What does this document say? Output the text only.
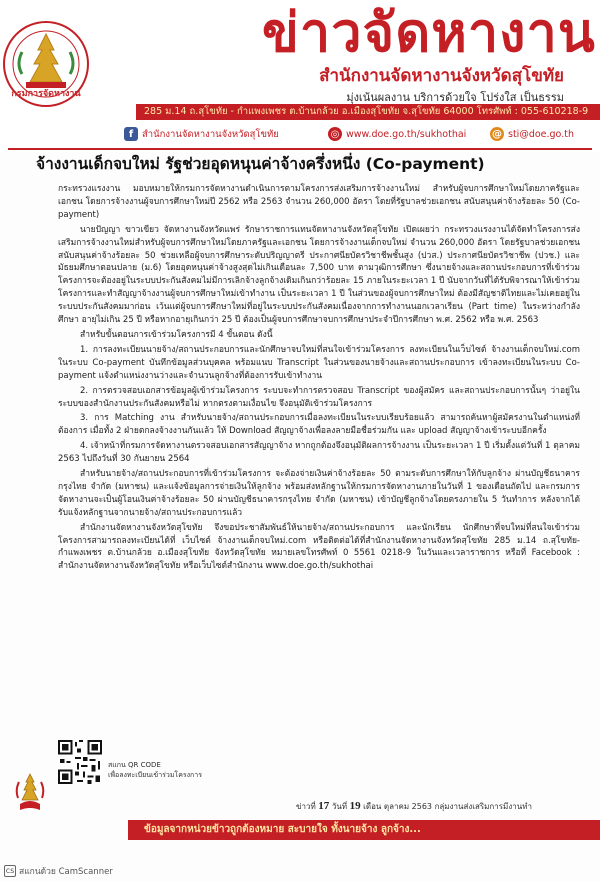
กรมการจัดหางาน
ข่าวจัดหางาน
สำนักงานจัดหางานจังหวัดสุโขทัย
มุ่งเน้นผลงาน บริการด้วยใจ โปร่งใส เป็นธรรม
285 ม.14 ถ.สุโขทัย - กำแพงเพชร ต.บ้านกล้วย อ.เมืองสุโขทัย จ.สุโขทัย 64000 โทรศัพท์ : 055-610218-9
f สำนักงานจัดหางานจังหวัดสุโขทัย	◎ www.doe.go.th/sukhothai	@ sti@doe.go.th
จ้างงานเด็กจบใหม่ รัฐช่วยอุดหนุนค่าจ้างครึ่งหนึ่ง (Co-payment)

กระทรวงแรงงาน มอบหมายให้กรมการจัดหางานดำเนินการตามโครงการส่งเสริมการจ้างงานใหม่ สำหรับผู้จบการศึกษาใหม่โดยภาครัฐและเอกชน โดยการจ้างงานผู้จบการศึกษาใหม่ปี 2562 หรือ 2563 จำนวน 260,000 อัตรา โดยที่รัฐบาลช่วยเอกชน สนับสนุนค่าจ้างร้อยละ 50 (Co-payment)

นายปัญญา ขาวเขียว จัดหางานจังหวัดแพร่ รักษาราชการแทนจัดหางานจังหวัดสุโขทัย เปิดเผยว่า กระทรวงแรงงานได้จัดทำโครงการส่งเสริมการจ้างงานใหม่สำหรับผู้จบการศึกษาใหม่โดยภาครัฐและเอกชน โดยการจ้างงานเด็กจบใหม่ จำนวน 260,000 อัตรา โดยรัฐบาลช่วยเอกชน สนับสนุนค่าจ้างร้อยละ 50 ช่วยเหลือผู้จบการศึกษาระดับปริญญาตรี ประกาศนียบัตรวิชาชีพชั้นสูง (ปวส.) ประกาศนียบัตรวิชาชีพ (ปวช.) และมัธยมศึกษาตอนปลาย (ม.6) โดยอุดหนุนค่าจ้างสูงสุดไม่เกินเดือนละ 7,500 บาท ตามวุฒิการศึกษา ซึ่งนายจ้างและสถานประกอบการที่เข้าร่วมโครงการจะต้องอยู่ในระบบประกันสังคมไม่มีการเลิกจ้างลูกจ้างเดิมเกินกว่าร้อยละ 15 ภายในระยะเวลา 1 ปี นับจากวันที่ได้รับพิจารณาให้เข้าร่วมโครงการและทำสัญญาจ้างงานผู้จบการศึกษาใหม่เข้าทำงาน เป็นระยะเวลา 1 ปี ในส่วนของผู้จบการศึกษาใหม่ ต้องมีสัญชาติไทยและไม่เคยอยู่ในระบบประกันสังคมมาก่อน เว้นแต่ผู้จบการศึกษาใหม่ที่อยู่ในระบบประกันสังคมเนื่องจากการทำงานนอกเวลาเรียน (Part time) ในระหว่างกำลังศึกษา อายุไม่เกิน 25 ปี หรือหากอายุเกินกว่า 25 ปี ต้องเป็นผู้จบการศึกษาจบการศึกษาประจำปีการศึกษา พ.ศ. 2562 หรือ พ.ศ. 2563

สำหรับขั้นตอนการเข้าร่วมโครงการมี 4 ขั้นตอน ดังนี้

1. การลงทะเบียนนายจ้าง/สถานประกอบการและนักศึกษาจบใหม่ที่สนใจเข้าร่วมโครงการ ลงทะเบียนในเว็บไซต์ จ้างงานเด็กจบใหม่.com ในระบบ Co-payment บันทึกข้อมูลส่วนบุคคล พร้อมแนบ Transcript ในส่วนของนายจ้างและสถานประกอบการ เข้าลงทะเบียนในระบบ Co-payment แจ้งตำแหน่งงานว่างและจำนวนลูกจ้างที่ต้องการรับเข้าทำงาน

2. การตรวจสอบเอกสารข้อมูลผู้เข้าร่วมโครงการ ระบบจะทำการตรวจสอบ Transcript ของผู้สมัคร และสถานประกอบการนั้นๆ ว่าอยู่ในระบบของสำนักงานประกันสังคมหรือไม่ หากตรงตามเงื่อนไข จึงอนุมัติเข้าร่วมโครงการ

3. การ Matching งาน สำหรับนายจ้าง/สถานประกอบการเมื่อลงทะเบียนในระบบเรียบร้อยแล้ว สามารถค้นหาผู้สมัครงานในตำแหน่งที่ต้องการ เมื่อทั้ง 2 ฝ่ายตกลงจ้างงานกันแล้ว ให้ Download สัญญาจ้างเพื่อลงลายมือชื่อร่วมกัน และ upload สัญญาจ้างเข้าระบบอีกครั้ง

4. เจ้าหน้าที่กรมการจัดหางานตรวจสอบเอกสารสัญญาจ้าง หากถูกต้องจึงอนุมัติผลการจ้างงาน เป็นระยะเวลา 1 ปี เริ่มตั้งแต่วันที่ 1 ตุลาคม 2563 ไปถึงวันที่ 30 กันยายน 2564

สำหรับนายจ้าง/สถานประกอบการที่เข้าร่วมโครงการ จะต้องจ่ายเงินค่าจ้างร้อยละ 50 ตามระดับการศึกษาให้กับลูกจ้าง ผ่านบัญชีธนาคารกรุงไทย จำกัด (มหาชน) และแจ้งข้อมูลการจ่ายเงินให้ลูกจ้าง พร้อมส่งหลักฐานให้กรมการจัดหางานภายในวันที่ 1 ของเดือนถัดไป และกรมการจัดหางานจะเป็นผู้โอนเงินค่าจ้างร้อยละ 50 ผ่านบัญชีธนาคารกรุงไทย จำกัด (มหาชน) เข้าบัญชีลูกจ้างโดยตรงภายใน 5 วันทำการ หลังจากได้รับแจ้งหลักฐานจากนายจ้าง/สถานประกอบการแล้ว

สำนักงานจัดหางานจังหวัดสุโขทัย จึงขอประชาสัมพันธ์ให้นายจ้าง/สถานประกอบการ และนักเรียน นักศึกษาที่จบใหม่ที่สนใจเข้าร่วมโครงการสามารถลงทะเบียนได้ที่ เว็บไซต์ จ้างงานเด็กจบใหม่.com หรือติดต่อได้ที่สำนักงานจัดหางานจังหวัดสุโขทัย 285 ม.14 ถ.สุโขทัย-กำแพงเพชร ต.บ้านกล้วย อ.เมืองสุโขทัย จังหวัดสุโขทัย หมายเลขโทรศัพท์ 0 5561 0218-9 ในวันและเวลาราชการ หรือที่ Facebook : สำนักงานจัดหางานจังหวัดสุโขทัย หรือเว็บไซต์สำนักงาน www.doe.go.th/sukhothai

สแกน QR CODE
เพื่อลงทะเบียนเข้าร่วมโครงการ
ข่าวที่ 17 วันที่ 19 เดือน ตุลาคม 2563 กลุ่มงานส่งเสริมการมีงานทำ
ข้อมูลจากหน่วยข้าวถูกต้องหมาย สะบายใจ ทั้งนายจ้าง ลูกจ้าง...
cs สแกนด้วย CamScanner
